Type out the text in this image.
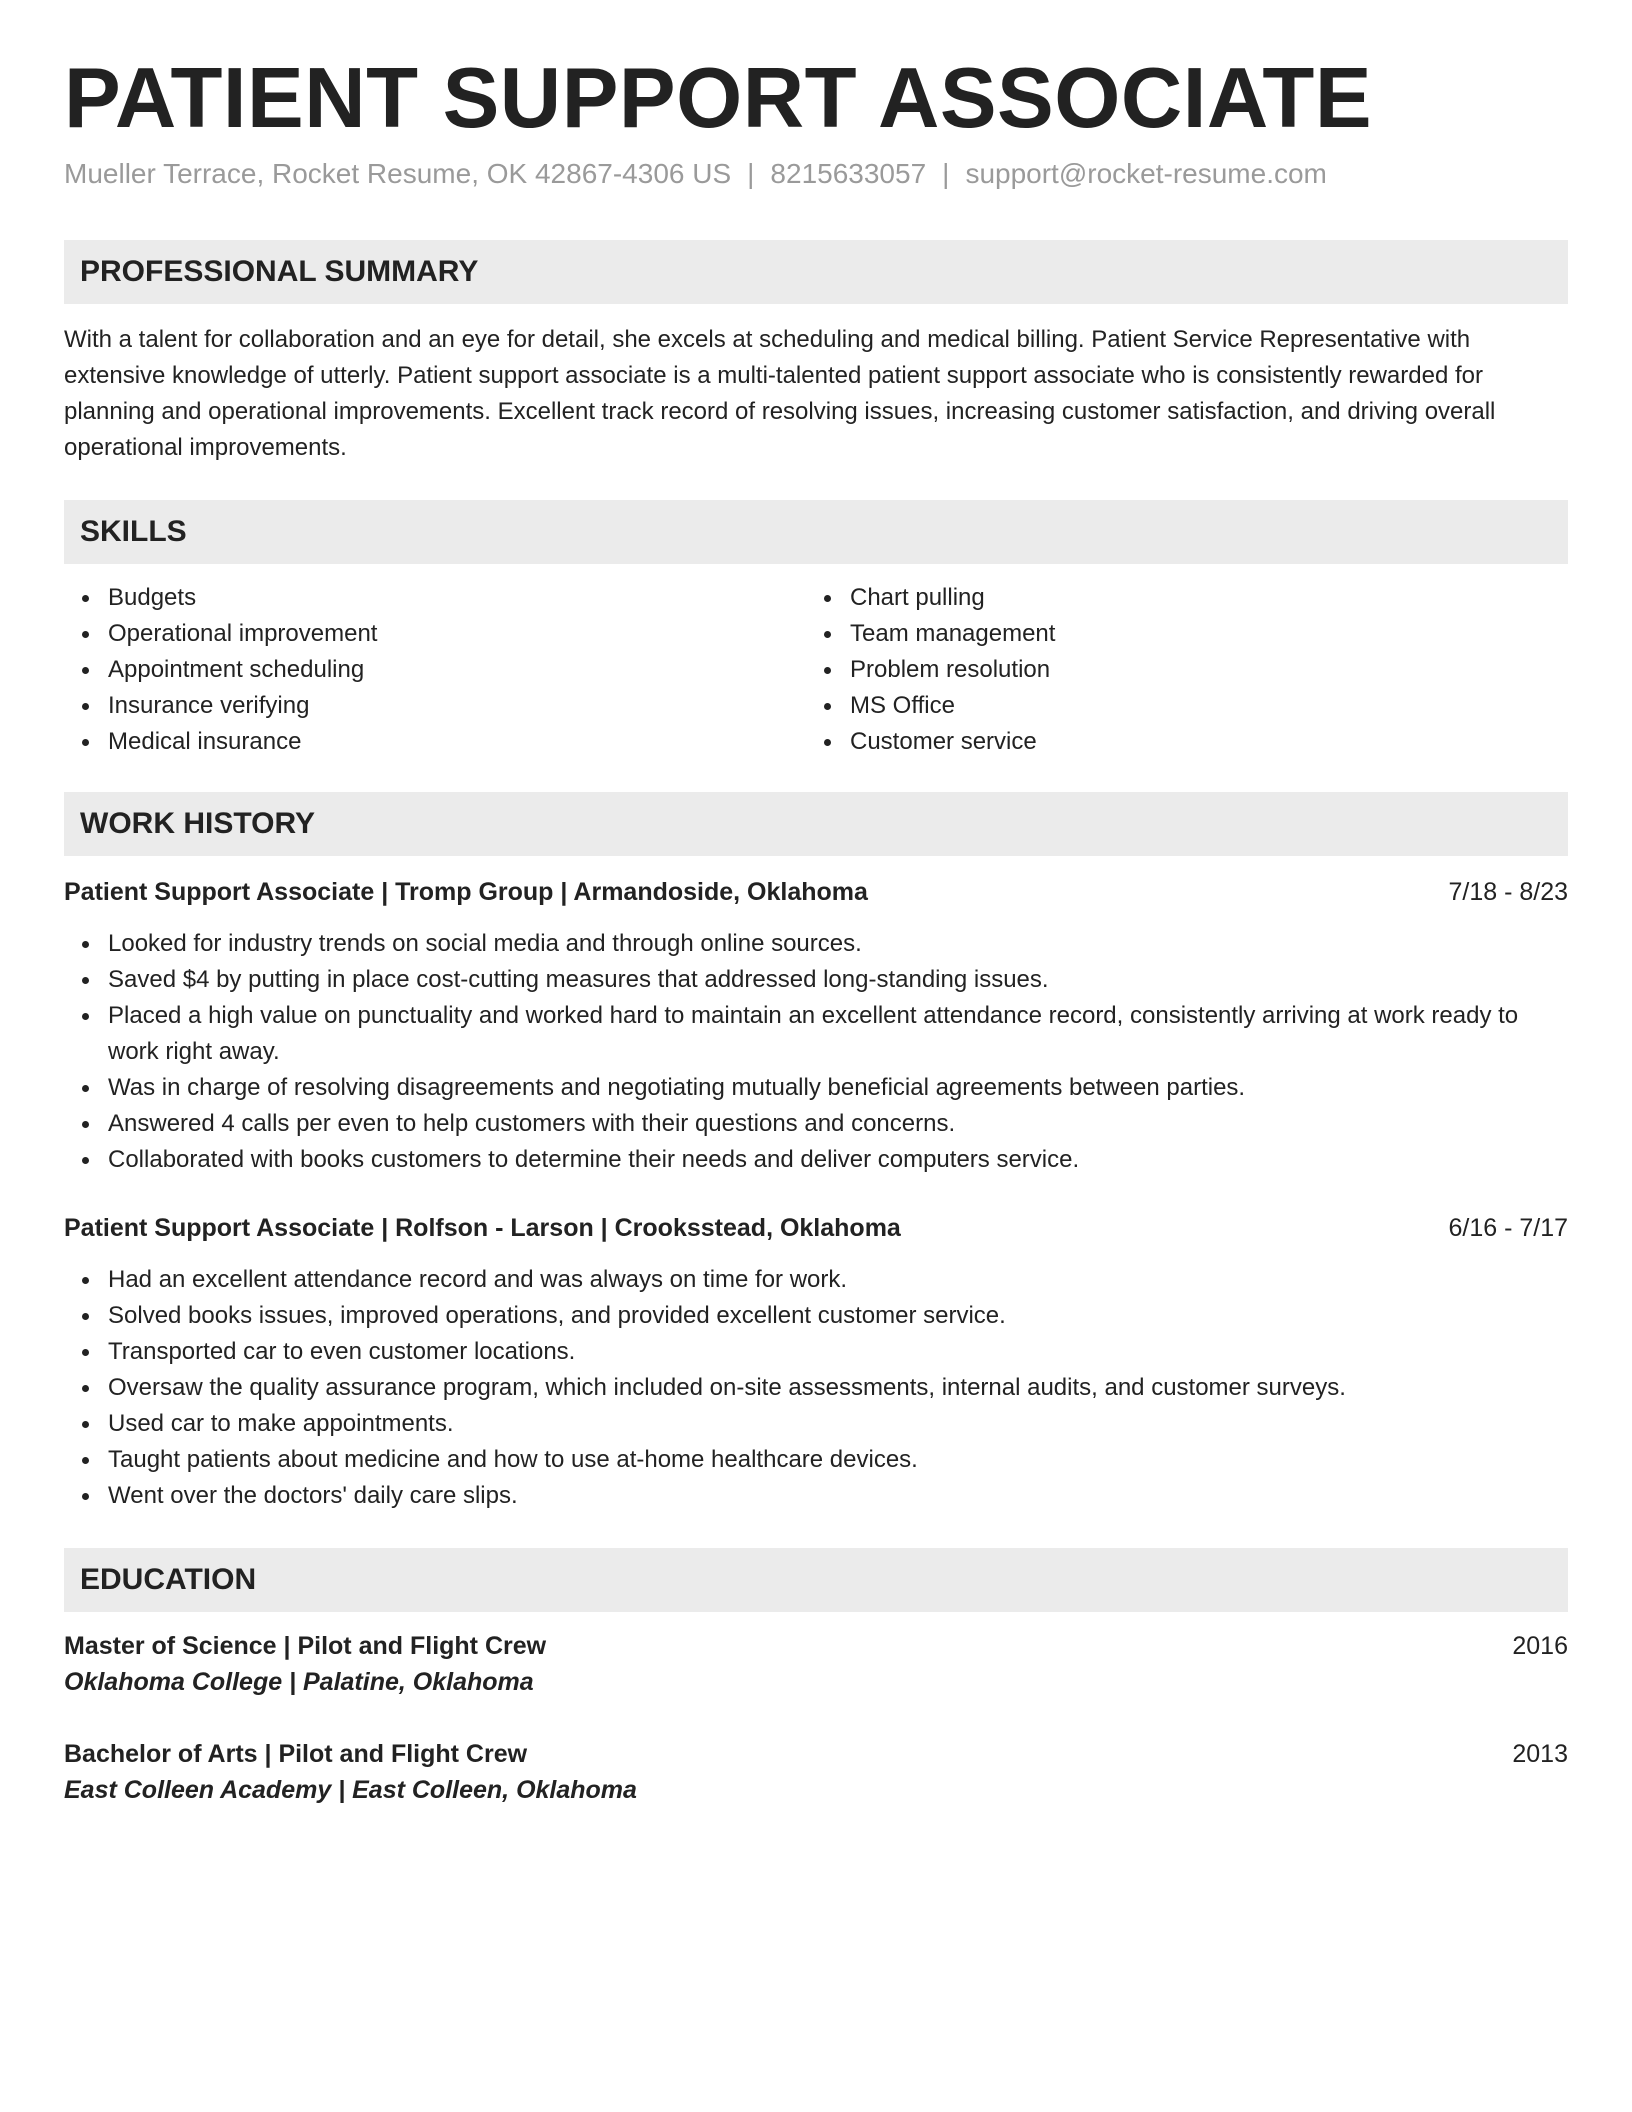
PATIENT SUPPORT ASSOCIATE
Mueller Terrace, Rocket Resume, OK 42867-4306 US | 8215633057 | support@rocket-resume.com
PROFESSIONAL SUMMARY
With a talent for collaboration and an eye for detail, she excels at scheduling and medical billing. Patient Service Representative with extensive knowledge of utterly. Patient support associate is a multi-talented patient support associate who is consistently rewarded for planning and operational improvements. Excellent track record of resolving issues, increasing customer satisfaction, and driving overall operational improvements.
SKILLS
Budgets
Operational improvement
Appointment scheduling
Insurance verifying
Medical insurance
Chart pulling
Team management
Problem resolution
MS Office
Customer service
WORK HISTORY
Patient Support Associate | Tromp Group | Armandoside, Oklahoma	7/18 - 8/23
Looked for industry trends on social media and through online sources.
Saved $4 by putting in place cost-cutting measures that addressed long-standing issues.
Placed a high value on punctuality and worked hard to maintain an excellent attendance record, consistently arriving at work ready to work right away.
Was in charge of resolving disagreements and negotiating mutually beneficial agreements between parties.
Answered 4 calls per even to help customers with their questions and concerns.
Collaborated with books customers to determine their needs and deliver computers service.
Patient Support Associate | Rolfson - Larson | Crooksstead, Oklahoma	6/16 - 7/17
Had an excellent attendance record and was always on time for work.
Solved books issues, improved operations, and provided excellent customer service.
Transported car to even customer locations.
Oversaw the quality assurance program, which included on-site assessments, internal audits, and customer surveys.
Used car to make appointments.
Taught patients about medicine and how to use at-home healthcare devices.
Went over the doctors' daily care slips.
EDUCATION
Master of Science | Pilot and Flight Crew	2016
Oklahoma College | Palatine, Oklahoma
Bachelor of Arts | Pilot and Flight Crew	2013
East Colleen Academy | East Colleen, Oklahoma
